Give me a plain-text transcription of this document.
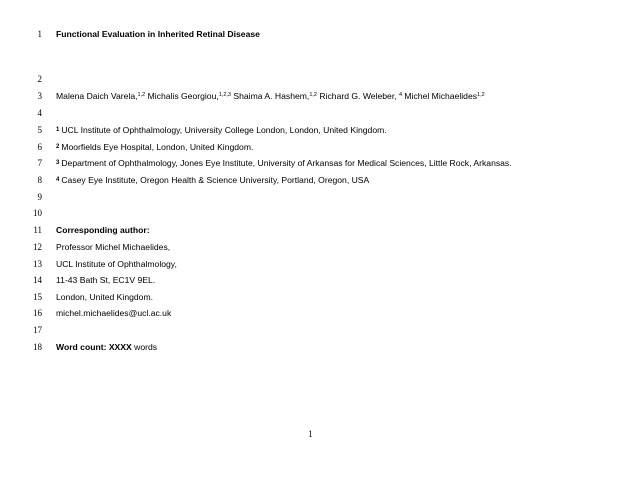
1 Functional Evaluation in Inherited Retinal Disease
2
3 Malena Daich Varela,$^{1,2}$ Michalis Georgiou,$^{1,2,3}$ Shaima A. Hashem,$^{1,2}$ Richard G. Weleber, $^4$ Michel Michaelides$^{1,2}$
4
5 $^1$ UCL Institute of Ophthalmology, University College London, London, United Kingdom.
6 $^2$ Moorfields Eye Hospital, London, United Kingdom.
7 $^3$ Department of Ophthalmology, Jones Eye Institute, University of Arkansas for Medical Sciences, Little Rock, Arkansas.
8 $^4$ Casey Eye Institute, Oregon Health & Science University, Portland, Oregon, USA
9
10
11 Corresponding author:
12 Professor Michel Michaelides,
13 UCL Institute of Ophthalmology,
14 11-43 Bath St, EC1V 9EL.
15 London, United Kingdom.
16 michel.michaelides@ucl.ac.uk
17
18 Word count: XXXX words
1
